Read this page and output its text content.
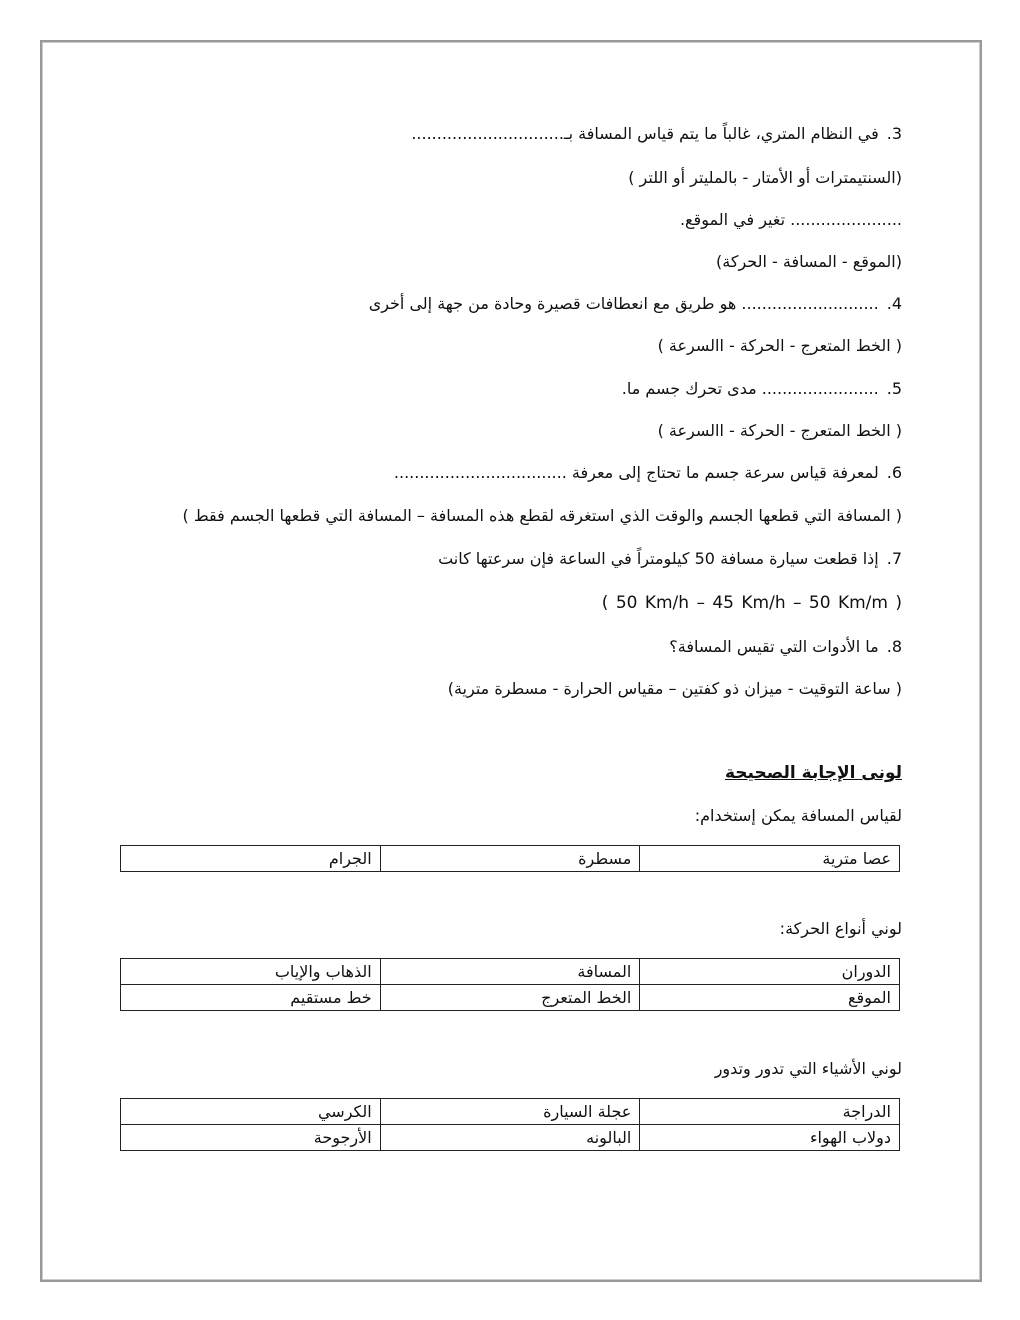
3.في النظام المتري، غالباً ما يتم قياس المسافة بـ..............................
(السنتيمترات أو الأمتار - بالمليتر أو اللتر )
...................... تغير في الموقع.
(الموقع - المسافة - الحركة)
4............................ هو طريق مع انعطافات قصيرة وحادة من جهة إلى أخرى
( الخط المتعرج - الحركة - االسرعة )
5........................ مدى تحرك جسم ما.
( الخط المتعرج - الحركة - االسرعة )
6.لمعرفة قياس سرعة جسم ما تحتاج إلى معرفة ..................................
( المسافة التي قطعها الجسم والوقت الذي استغرقه لقطع هذه المسافة – المسافة التي قطعها الجسم فقط )
7.إذا قطعت سيارة مسافة 50 كيلومتراً في الساعة فإن سرعتها كانت
( 50 Km/h – 45 Km/h – 50 Km/m )
8.ما الأدوات التي تقيس المسافة؟
( ساعة التوقيت - ميزان ذو كفتين – مقياس الحرارة - مسطرة مترية)
لونى الإجابة الصحيحة
لقياس المسافة يمكن إستخدام:
عصا مترية	مسطرة	الجرام
لوني أنواع الحركة:
الدوران	المسافة	الذهاب والإياب
الموقع	الخط المتعرج	خط مستقيم
لوني الأشياء التي تدور وتدور
الدراجة	عجلة السيارة	الكرسي
دولاب الهواء	البالونه	الأرجوحة
